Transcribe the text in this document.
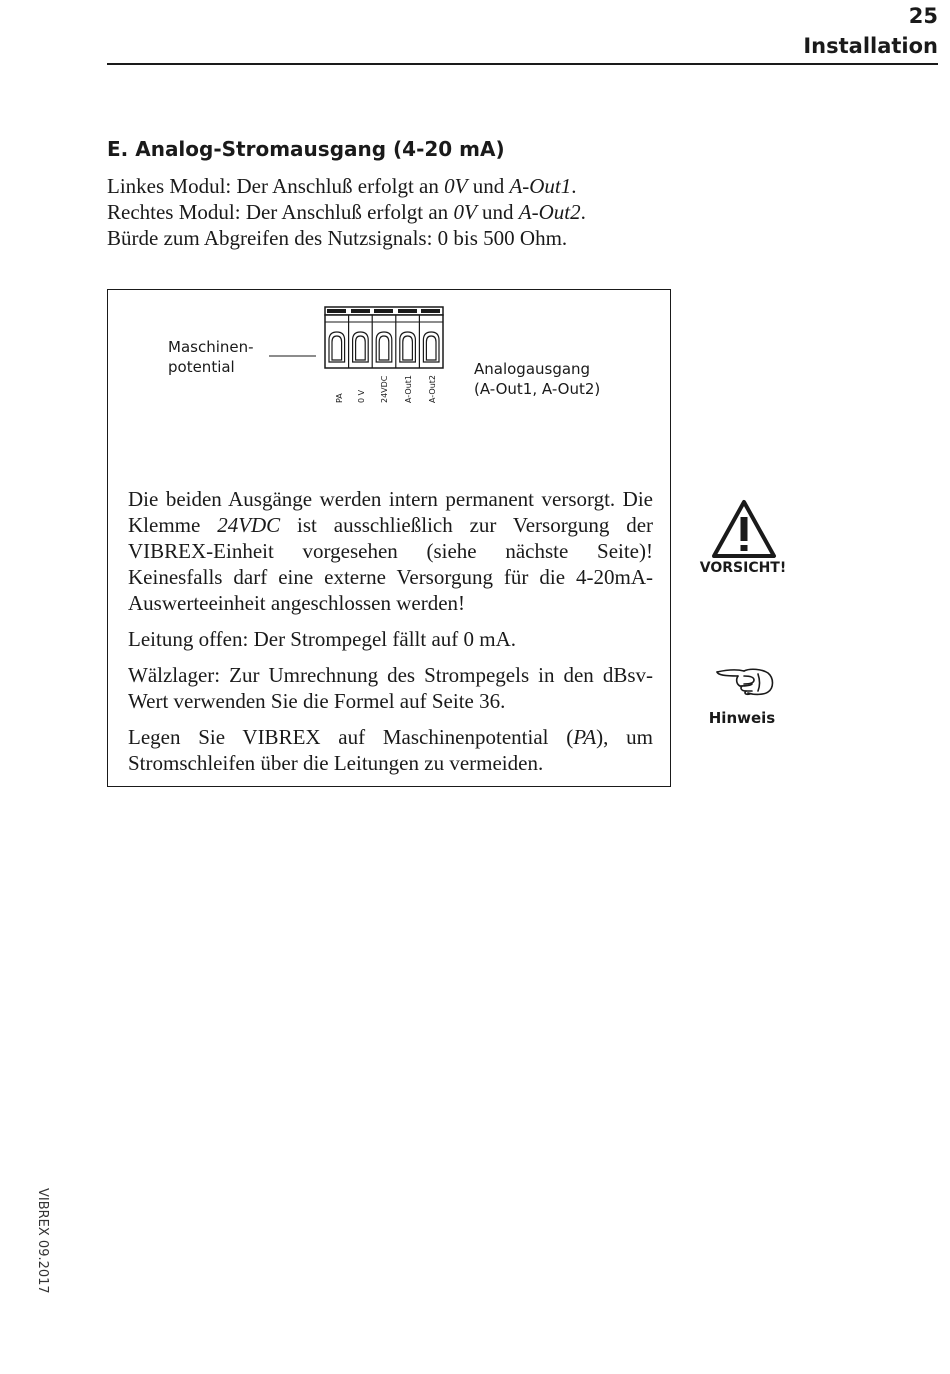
25
Installation
E. Analog-Stromausgang (4-20 mA)
Linkes Modul: Der Anschluß erfolgt an 0V und A-Out1.
Rechtes Modul: Der Anschluß erfolgt an 0V und A-Out2.
Bürde zum Abgreifen des Nutzsignals: 0 bis 500 Ohm.
Maschinen-
potential
PA 0 V 24VDC A-Out1 A-Out2
Analogausgang
(A-Out1, A-Out2)

Die beiden Ausgänge werden intern permanent versorgt. Die Klemme 24VDC ist ausschließlich zur Versorgung der VIBREX-Einheit vorgesehen (siehe nächste Seite)! Keinesfalls darf eine externe Versorgung für die 4-20mA-Auswerteeinheit angeschlossen werden!

Leitung offen: Der Strompegel fällt auf 0 mA.

Wälzlager: Zur Umrechnung des Strompegels in den dBsv-Wert verwenden Sie die Formel auf Seite 36.

Legen Sie VIBREX auf Maschinenpotential (PA), um Stromschleifen über die Leitungen zu vermeiden.

VORSICHT!
Hinweis
VIBREX 09.2017
